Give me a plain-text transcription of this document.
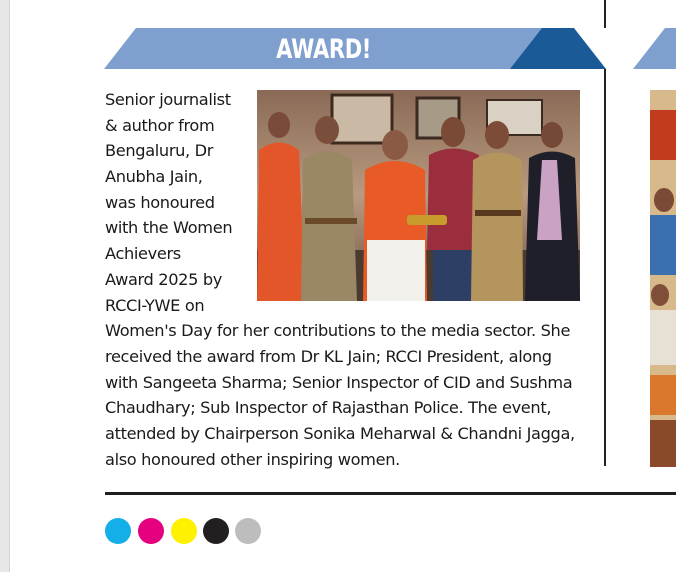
AWARD!
Senior journalist
& author from
Bengaluru, Dr
Anubha Jain,
was honoured
with the Women
Achievers
Award 2025 by
RCCI-YWE on
Women's Day for her contributions to the media sector. She
received the award from Dr KL Jain; RCCI President, along
with Sangeeta Sharma; Senior Inspector of CID and Sushma
Chaudhary; Sub Inspector of Rajasthan Police. The event,
attended by Chairperson Sonika Meharwal & Chandni Jagga,
also honoured other inspiring women.
